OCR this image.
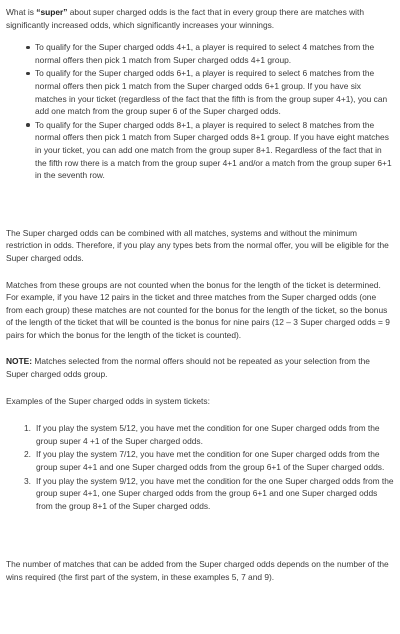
What is “super” about super charged odds is the fact that in every group there are matches with significantly increased odds, which significantly increases your winnings.

To qualify for the Super charged odds 4+1, a player is required to select 4 matches from the normal offers then pick 1 match from Super charged odds 4+1 group.
To qualify for the Super charged odds 6+1, a player is required to select 6 matches from the normal offers then pick 1 match from the Super charged odds 6+1 group. If you have six matches in your ticket (regardless of the fact that the fifth is from the group super 4+1), you can add one match from the group super 6 of the Super charged odds.
To qualify for the Super charged odds 8+1, a player is required to select 8 matches from the normal offers then pick 1 match from Super charged odds 8+1 group. If you have eight matches in your ticket, you can add one match from the group super 8+1. Regardless of the fact that in the fifth row there is a match from the group super 4+1 and/or a match from the group super 6+1 in the seventh row.

The Super charged odds can be combined with all matches, systems and without the minimum restriction in odds. Therefore, if you play any types bets from the normal offer, you will be eligible for the Super charged odds.

Matches from these groups are not counted when the bonus for the length of the ticket is determined. For example, if you have 12 pairs in the ticket and three matches from the Super charged odds (one from each group) these matches are not counted for the bonus for the length of the ticket, so the bonus of the length of the ticket that will be counted is the bonus for nine pairs (12 – 3 Super charged odds = 9 pairs for which the bonus for the length of the ticket is counted).

NOTE: Matches selected from the normal offers should not be repeated as your selection from the Super charged odds group.

Examples of the Super charged odds in system tickets:

1. If you play the system 5/12, you have met the condition for one Super charged odds from the group super 4 +1 of the Super charged odds.
2. If you play the system 7/12, you have met the condition for one Super charged odds from the group super 4+1 and one Super charged odds from the group 6+1 of the Super charged odds.
3. If you play the system 9/12, you have met the condition for the one Super charged odds from the group super 4+1, one Super charged odds from the group 6+1 and one Super charged odds from the group 8+1 of the Super charged odds.

The number of matches that can be added from the Super charged odds depends on the number of the wins required (the first part of the system, in these examples 5, 7 and 9).
